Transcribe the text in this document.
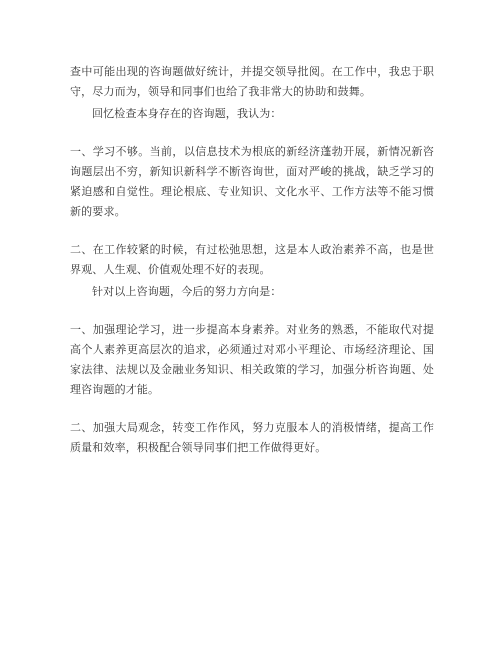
查中可能出现的咨询题做好统计，并提交领导批阅。在工作中，我忠于职守，尽力而为，领导和同事们也给了我非常大的协助和鼓舞。

回忆检查本身存在的咨询题，我认为：

一、学习不够。当前，以信息技术为根底的新经济蓬勃开展，新情况新咨询题层出不穷，新知识新科学不断咨询世，面对严峻的挑战，缺乏学习的紧迫感和自觉性。理论根底、专业知识、文化水平、工作方法等不能习惯新的要求。

二、在工作较紧的时候，有过松弛思想，这是本人政治素养不高，也是世界观、人生观、价值观处理不好的表现。

针对以上咨询题，今后的努力方向是：

一、加强理论学习，进一步提高本身素养。对业务的熟悉，不能取代对提高个人素养更高层次的追求，必须通过对邓小平理论、市场经济理论、国家法律、法规以及金融业务知识、相关政策的学习，加强分析咨询题、处理咨询题的才能。

二、加强大局观念，转变工作作风，努力克服本人的消极情绪，提高工作质量和效率，积极配合领导同事们把工作做得更好。
